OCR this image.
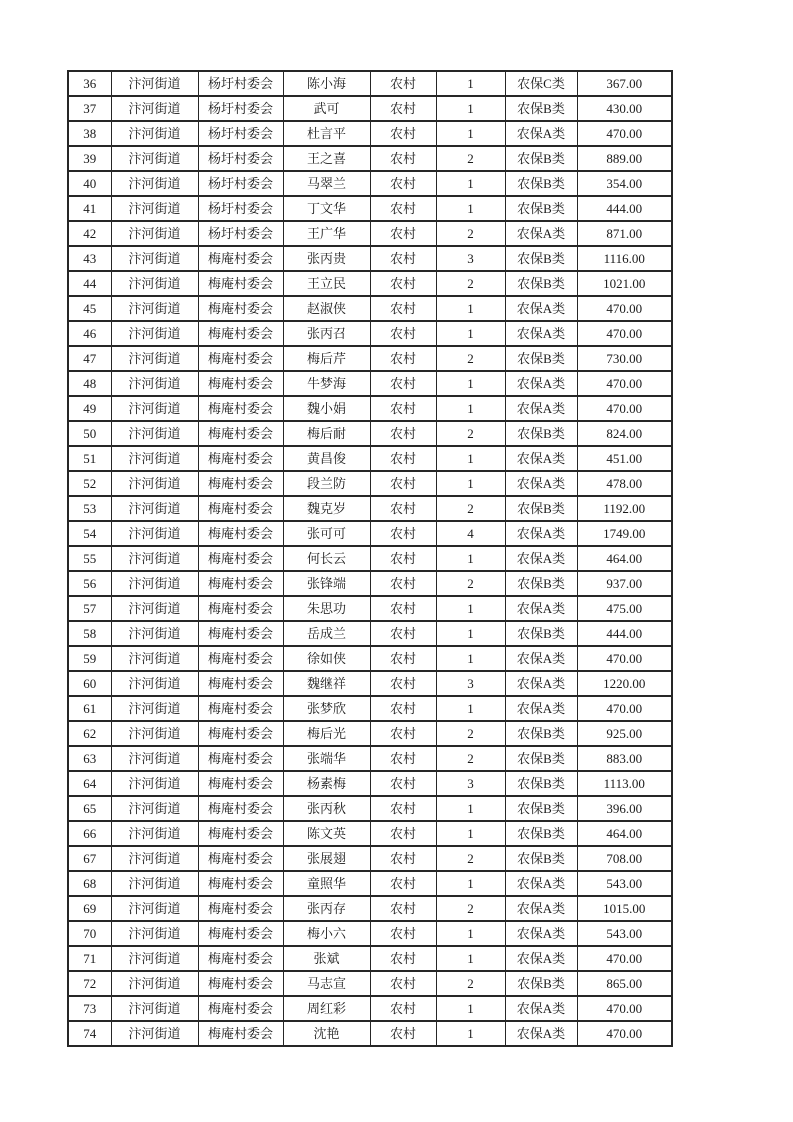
36	汴河街道	杨圩村委会	陈小海	农村	1	农保C类	367.00
37	汴河街道	杨圩村委会	武可	农村	1	农保B类	430.00
38	汴河街道	杨圩村委会	杜言平	农村	1	农保A类	470.00
39	汴河街道	杨圩村委会	王之喜	农村	2	农保B类	889.00
40	汴河街道	杨圩村委会	马翠兰	农村	1	农保B类	354.00
41	汴河街道	杨圩村委会	丁文华	农村	1	农保B类	444.00
42	汴河街道	杨圩村委会	王广华	农村	2	农保A类	871.00
43	汴河街道	梅庵村委会	张丙贵	农村	3	农保B类	1116.00
44	汴河街道	梅庵村委会	王立民	农村	2	农保B类	1021.00
45	汴河街道	梅庵村委会	赵淑侠	农村	1	农保A类	470.00
46	汴河街道	梅庵村委会	张丙召	农村	1	农保A类	470.00
47	汴河街道	梅庵村委会	梅后芹	农村	2	农保B类	730.00
48	汴河街道	梅庵村委会	牛梦海	农村	1	农保A类	470.00
49	汴河街道	梅庵村委会	魏小娟	农村	1	农保A类	470.00
50	汴河街道	梅庵村委会	梅后耐	农村	2	农保B类	824.00
51	汴河街道	梅庵村委会	黄昌俊	农村	1	农保A类	451.00
52	汴河街道	梅庵村委会	段兰防	农村	1	农保A类	478.00
53	汴河街道	梅庵村委会	魏克岁	农村	2	农保B类	1192.00
54	汴河街道	梅庵村委会	张可可	农村	4	农保A类	1749.00
55	汴河街道	梅庵村委会	何长云	农村	1	农保A类	464.00
56	汴河街道	梅庵村委会	张锋端	农村	2	农保B类	937.00
57	汴河街道	梅庵村委会	朱思功	农村	1	农保A类	475.00
58	汴河街道	梅庵村委会	岳成兰	农村	1	农保B类	444.00
59	汴河街道	梅庵村委会	徐如侠	农村	1	农保A类	470.00
60	汴河街道	梅庵村委会	魏继祥	农村	3	农保A类	1220.00
61	汴河街道	梅庵村委会	张梦欣	农村	1	农保A类	470.00
62	汴河街道	梅庵村委会	梅后光	农村	2	农保B类	925.00
63	汴河街道	梅庵村委会	张端华	农村	2	农保B类	883.00
64	汴河街道	梅庵村委会	杨素梅	农村	3	农保B类	1113.00
65	汴河街道	梅庵村委会	张丙秋	农村	1	农保B类	396.00
66	汴河街道	梅庵村委会	陈文英	农村	1	农保B类	464.00
67	汴河街道	梅庵村委会	张展翅	农村	2	农保B类	708.00
68	汴河街道	梅庵村委会	童照华	农村	1	农保A类	543.00
69	汴河街道	梅庵村委会	张丙存	农村	2	农保A类	1015.00
70	汴河街道	梅庵村委会	梅小六	农村	1	农保A类	543.00
71	汴河街道	梅庵村委会	张斌	农村	1	农保A类	470.00
72	汴河街道	梅庵村委会	马志宣	农村	2	农保B类	865.00
73	汴河街道	梅庵村委会	周红彩	农村	1	农保A类	470.00
74	汴河街道	梅庵村委会	沈艳	农村	1	农保A类	470.00
